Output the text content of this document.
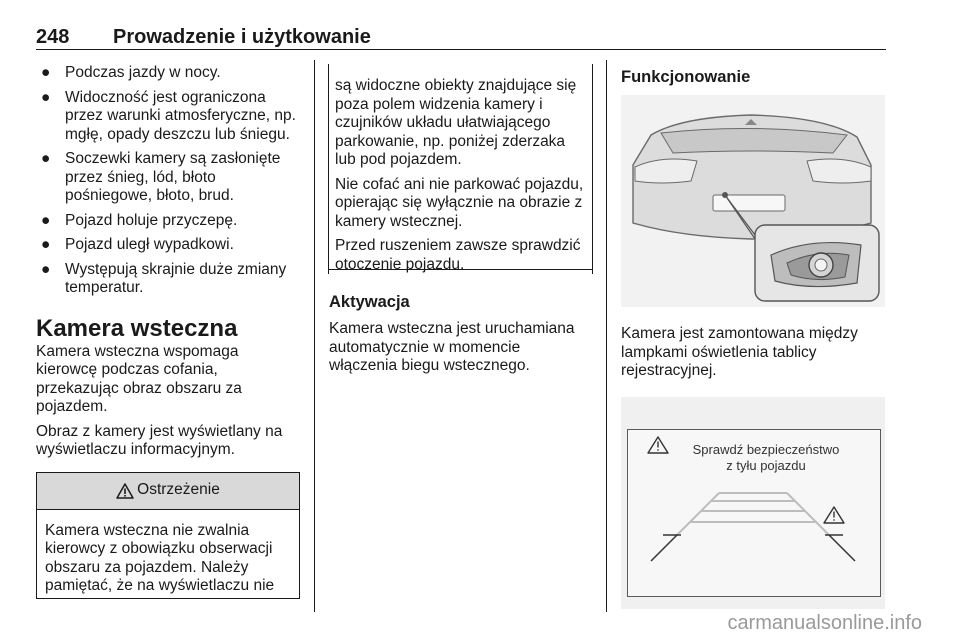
248 Prowadzenie i użytkowanie
● Podczas jazdy w nocy.
● Widoczność jest ograniczona przez warunki atmosferyczne, np. mgłę, opady deszczu lub śniegu.
● Soczewki kamery są zasłonięte przez śnieg, lód, błoto pośniegowe, błoto, brud.
● Pojazd holuje przyczepę.
● Pojazd uległ wypadkowi.
● Występują skrajnie duże zmiany temperatur.
Kamera wsteczna

Kamera wsteczna wspomaga kierowcę podczas cofania, przekazując obraz obszaru za pojazdem.

Obraz z kamery jest wyświetlany na wyświetlaczu informacyjnym.

Ostrzeżenie
Kamera wsteczna nie zwalnia kierowcy z obowiązku obserwacji obszaru za pojazdem. Należy pamiętać, że na wyświetlaczu nie

są widoczne obiekty znajdujące się poza polem widzenia kamery i czujników układu ułatwiającego parkowanie, np. poniżej zderzaka lub pod pojazdem.

Nie cofać ani nie parkować pojazdu, opierając się wyłącznie na obrazie z kamery wstecznej.

Przed ruszeniem zawsze sprawdzić otoczenie pojazdu.

Aktywacja

Kamera wsteczna jest uruchamiana automatycznie w momencie włączenia biegu wstecznego.

Funkcjonowanie

Kamera jest zamontowana między lampkami oświetlenia tablicy rejestracyjnej.

Sprawdź bezpieczeństwo
z tyłu pojazdu
carmanualsonline.info
